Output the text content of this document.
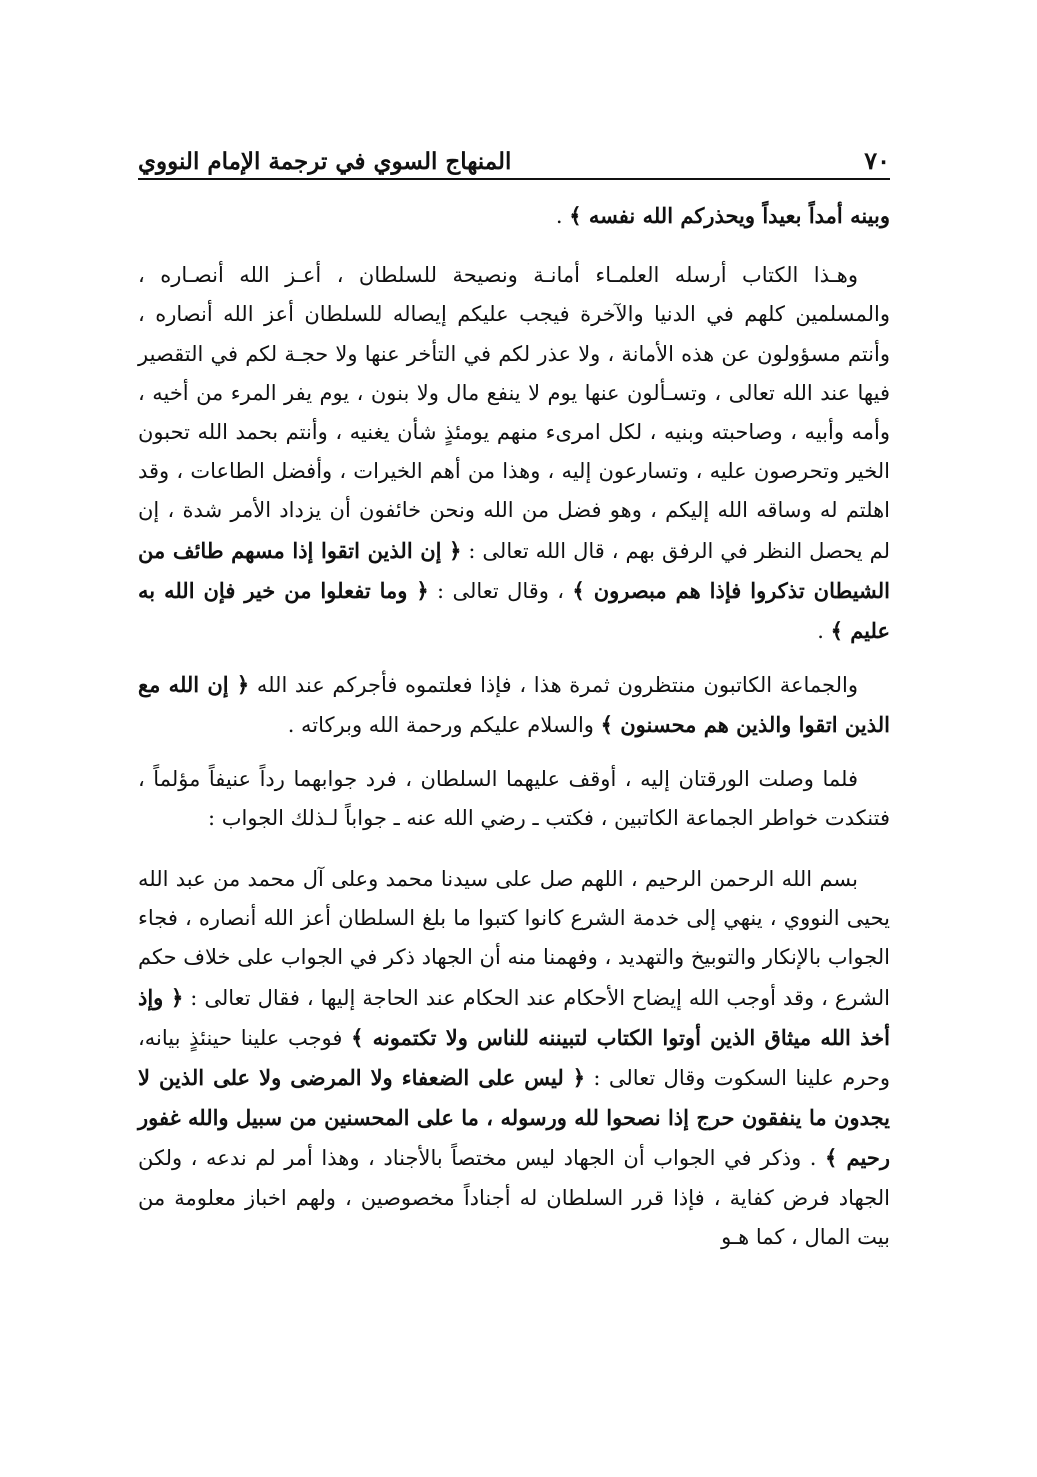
٧٠
المنهاج السوي في ترجمة الإمام النووي

وبينه أمداً بعيداً ويحذركم الله نفسه ﴾ .

وهـذا الكتاب أرسله العلمـاء أمانـة ونصيحة للسلطان ، أعـز الله أنصـاره ، والمسلمين كلهم في الدنيا والآخرة فيجب عليكم إيصاله للسلطان أعز الله أنصاره ، وأنتم مسؤولون عن هذه الأمانة ، ولا عذر لكم في التأخر عنها ولا حجـة لكم في التقصير فيها عند الله تعالى ، وتسـألون عنها يوم لا ينفع مال ولا بنون ، يوم يفر المرء من أخيه ، وأمه وأبيه ، وصاحبته وبنيه ، لكل امرىء منهم يومئذٍ شأن يغنيه ، وأنتم بحمد الله تحبون الخير وتحرصون عليه ، وتسارعون إليه ، وهذا من أهم الخيرات ، وأفضل الطاعات ، وقد اهلتم له وساقه الله إليكم ، وهو فضل من الله ونحن خائفون أن يزداد الأمر شدة ، إن لم يحصل النظر في الرفق بهم ، قال الله تعالى : ﴿ إن الذين اتقوا إذا مسهم طائف من الشيطان تذكروا فإذا هم مبصرون ﴾ ، وقال تعالى : ﴿ وما تفعلوا من خير فإن الله به عليم ﴾ .

والجماعة الكاتبون منتظرون ثمرة هذا ، فإذا فعلتموه فأجركم عند الله ﴿ إن الله مع الذين اتقوا والذين هم محسنون ﴾ والسلام عليكم ورحمة الله وبركاته .

فلما وصلت الورقتان إليه ، أوقف عليهما السلطان ، فرد جوابهما رداً عنيفاً مؤلماً ، فتنكدت خواطر الجماعة الكاتبين ، فكتب ـ رضي الله عنه ـ جواباً لـذلك الجواب :

بسم الله الرحمن الرحيم ، اللهم صل على سيدنا محمد وعلى آل محمد من عبد الله يحيى النووي ، ينهي إلى خدمة الشرع كانوا كتبوا ما بلغ السلطان أعز الله أنصاره ، فجاء الجواب بالإنكار والتوبيخ والتهديد ، وفهمنا منه أن الجهاد ذكر في الجواب على خلاف حكم الشرع ، وقد أوجب الله إيضاح الأحكام عند الحكام عند الحاجة إليها ، فقال تعالى : ﴿ وإذ أخذ الله ميثاق الذين أوتوا الكتاب لتبيننه للناس ولا تكتمونه ﴾ فوجب علينا حينئذٍ بيانه، وحرم علينا السكوت وقال تعالى : ﴿ ليس على الضعفاء ولا المرضى ولا على الذين لا يجدون ما ينفقون حرج إذا نصحوا لله ورسوله ، ما على المحسنين من سبيل والله غفور رحيم ﴾ . وذكر في الجواب أن الجهاد ليس مختصاً بالأجناد ، وهذا أمر لم ندعه ، ولكن الجهاد فرض كفاية ، فإذا قرر السلطان له أجناداً مخصوصين ، ولهم اخباز معلومة من بيت المال ، كما هـو
